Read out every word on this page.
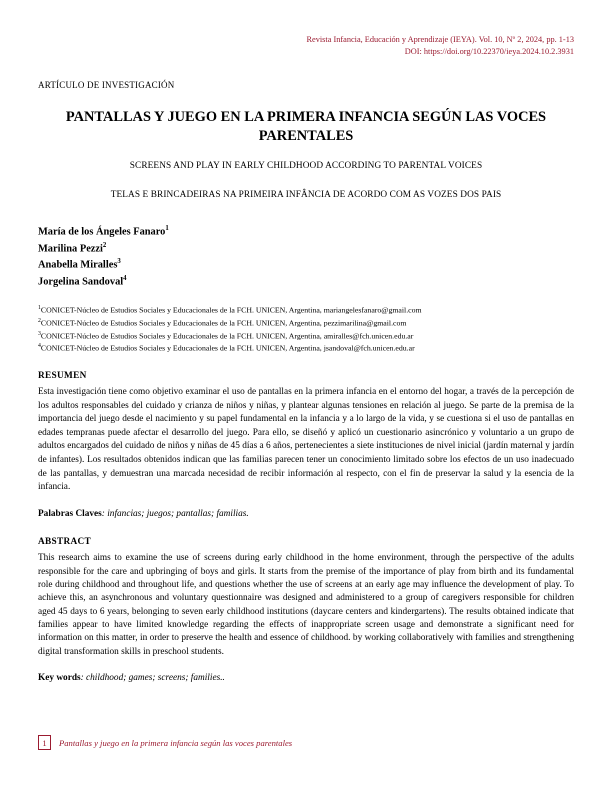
Revista Infancia, Educación y Aprendizaje (IEYA). Vol. 10, Nº 2, 2024, pp. 1-13
DOI: https://doi.org/10.22370/ieya.2024.10.2.3931
ARTÍCULO DE INVESTIGACIÓN
PANTALLAS Y JUEGO EN LA PRIMERA INFANCIA SEGÚN LAS VOCES PARENTALES
SCREENS AND PLAY IN EARLY CHILDHOOD ACCORDING TO PARENTAL VOICES
TELAS E BRINCADEIRAS NA PRIMEIRA INFÂNCIA DE ACORDO COM AS VOZES DOS PAIS
María de los Ángeles Fanaro$^1$
Marilina Pezzi$^2$
Anabella Miralles$^3$
Jorgelina Sandoval$^4$
$^1$CONICET-Núcleo de Estudios Sociales y Educacionales de la FCH. UNICEN, Argentina, mariangelesfanaro@gmail.com
$^2$CONICET-Núcleo de Estudios Sociales y Educacionales de la FCH. UNICEN, Argentina, pezzimarilina@gmail.com
$^3$CONICET-Núcleo de Estudios Sociales y Educacionales de la FCH. UNICEN, Argentina, amiralles@fch.unicen.edu.ar
$^4$CONICET-Núcleo de Estudios Sociales y Educacionales de la FCH. UNICEN, Argentina, jsandoval@fch.unicen.edu.ar
RESUMEN
Esta investigación tiene como objetivo examinar el uso de pantallas en la primera infancia en el entorno del hogar, a través de la percepción de los adultos responsables del cuidado y crianza de niños y niñas, y plantear algunas tensiones en relación al juego. Se parte de la premisa de la importancia del juego desde el nacimiento y su papel fundamental en la infancia y a lo largo de la vida, y se cuestiona si el uso de pantallas en edades tempranas puede afectar el desarrollo del juego. Para ello, se diseñó y aplicó un cuestionario asincrónico y voluntario a un grupo de adultos encargados del cuidado de niños y niñas de 45 días a 6 años, pertenecientes a siete instituciones de nivel inicial (jardín maternal y jardín de infantes). Los resultados obtenidos indican que las familias parecen tener un conocimiento limitado sobre los efectos de un uso inadecuado de las pantallas, y demuestran una marcada necesidad de recibir información al respecto, con el fin de preservar la salud y la esencia de la infancia.
Palabras Claves: infancias; juegos; pantallas; familias.
ABSTRACT
This research aims to examine the use of screens during early childhood in the home environment, through the perspective of the adults responsible for the care and upbringing of boys and girls. It starts from the premise of the importance of play from birth and its fundamental role during childhood and throughout life, and questions whether the use of screens at an early age may influence the development of play. To achieve this, an asynchronous and voluntary questionnaire was designed and administered to a group of caregivers responsible for children aged 45 days to 6 years, belonging to seven early childhood institutions (daycare centers and kindergartens). The results obtained indicate that families appear to have limited knowledge regarding the effects of inappropriate screen usage and demonstrate a significant need for information on this matter, in order to preserve the health and essence of childhood. by working collaboratively with families and strengthening digital transformation skills in preschool students.
Key words: childhood; games; screens; families..
1	Pantallas y juego en la primera infancia según las voces parentales
